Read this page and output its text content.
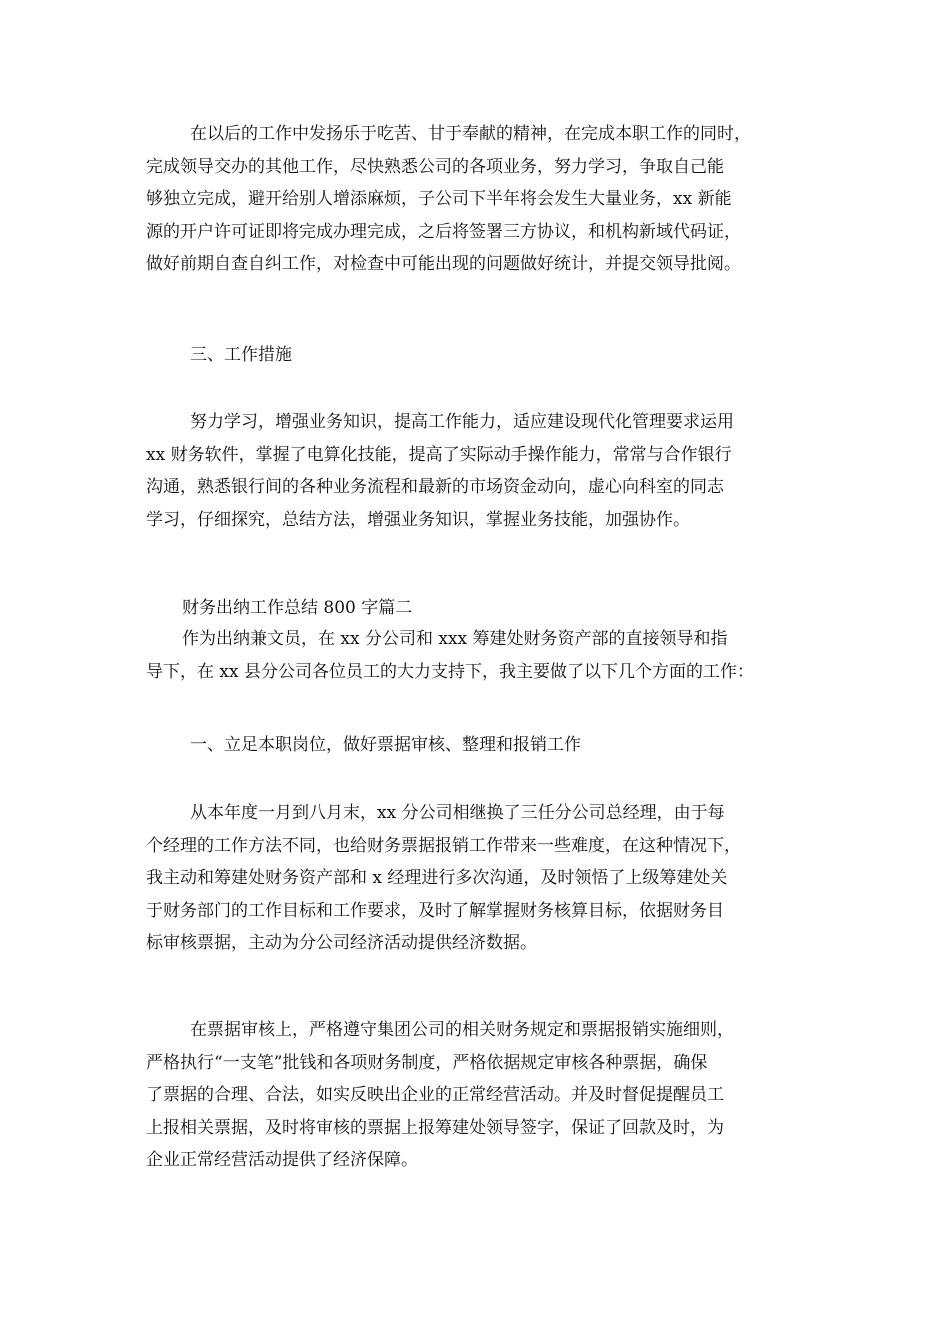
在以后的工作中发扬乐于吃苦、甘于奉献的精神，在完成本职工作的同时，
完成领导交办的其他工作，尽快熟悉公司的各项业务，努力学习，争取自己能
够独立完成，避开给别人增添麻烦，子公司下半年将会发生大量业务，xx 新能
源的开户许可证即将完成办理完成，之后将签署三方协议，和机构新域代码证，
做好前期自查自纠工作，对检查中可能出现的问题做好统计，并提交领导批阅。
三、工作措施
努力学习，增强业务知识，提高工作能力，适应建设现代化管理要求运用
xx 财务软件，掌握了电算化技能，提高了实际动手操作能力，常常与合作银行
沟通，熟悉银行间的各种业务流程和最新的市场资金动向，虚心向科室的同志
学习，仔细探究，总结方法，增强业务知识，掌握业务技能，加强协作。
财务出纳工作总结 800 字篇二
作为出纳兼文员，在 xx 分公司和 xxx 筹建处财务资产部的直接领导和指
导下，在 xx 县分公司各位员工的大力支持下，我主要做了以下几个方面的工作：
一、立足本职岗位，做好票据审核、整理和报销工作
从本年度一月到八月末，xx 分公司相继换了三任分公司总经理，由于每
个经理的工作方法不同，也给财务票据报销工作带来一些难度，在这种情况下，
我主动和筹建处财务资产部和 x 经理进行多次沟通，及时领悟了上级筹建处关
于财务部门的工作目标和工作要求，及时了解掌握财务核算目标，依据财务目
标审核票据，主动为分公司经济活动提供经济数据。
在票据审核上，严格遵守集团公司的相关财务规定和票据报销实施细则，
严格执行“一支笔”批钱和各项财务制度，严格依据规定审核各种票据，确保
了票据的合理、合法，如实反映出企业的正常经营活动。并及时督促提醒员工
上报相关票据，及时将审核的票据上报筹建处领导签字，保证了回款及时，为
企业正常经营活动提供了经济保障。
